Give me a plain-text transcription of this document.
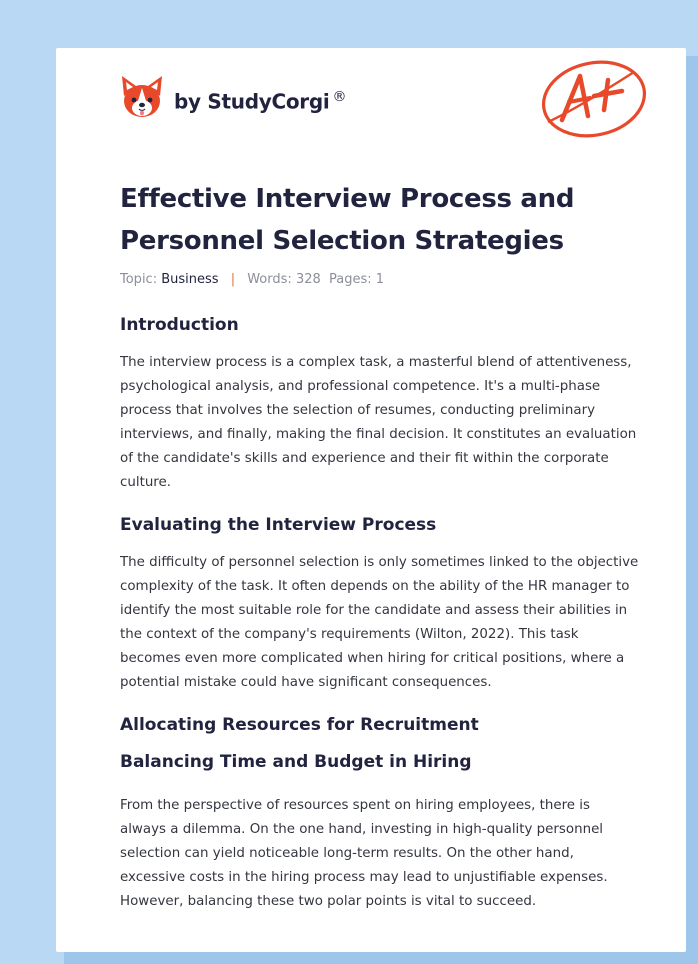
by StudyCorgi ®
Effective Interview Process and Personnel Selection Strategies
Topic: Business | Words: 328 Pages: 1
Introduction

The interview process is a complex task, a masterful blend of attentiveness, psychological analysis, and professional competence. It's a multi-phase process that involves the selection of resumes, conducting preliminary interviews, and finally, making the final decision. It constitutes an evaluation of the candidate's skills and experience and their fit within the corporate culture.

Evaluating the Interview Process

The difficulty of personnel selection is only sometimes linked to the objective complexity of the task. It often depends on the ability of the HR manager to identify the most suitable role for the candidate and assess their abilities in the context of the company's requirements (Wilton, 2022). This task becomes even more complicated when hiring for critical positions, where a potential mistake could have significant consequences.

Allocating Resources for Recruitment
Balancing Time and Budget in Hiring

From the perspective of resources spent on hiring employees, there is always a dilemma. On the one hand, investing in high-quality personnel selection can yield noticeable long-term results. On the other hand, excessive costs in the hiring process may lead to unjustifiable expenses. However, balancing these two polar points is vital to succeed.
